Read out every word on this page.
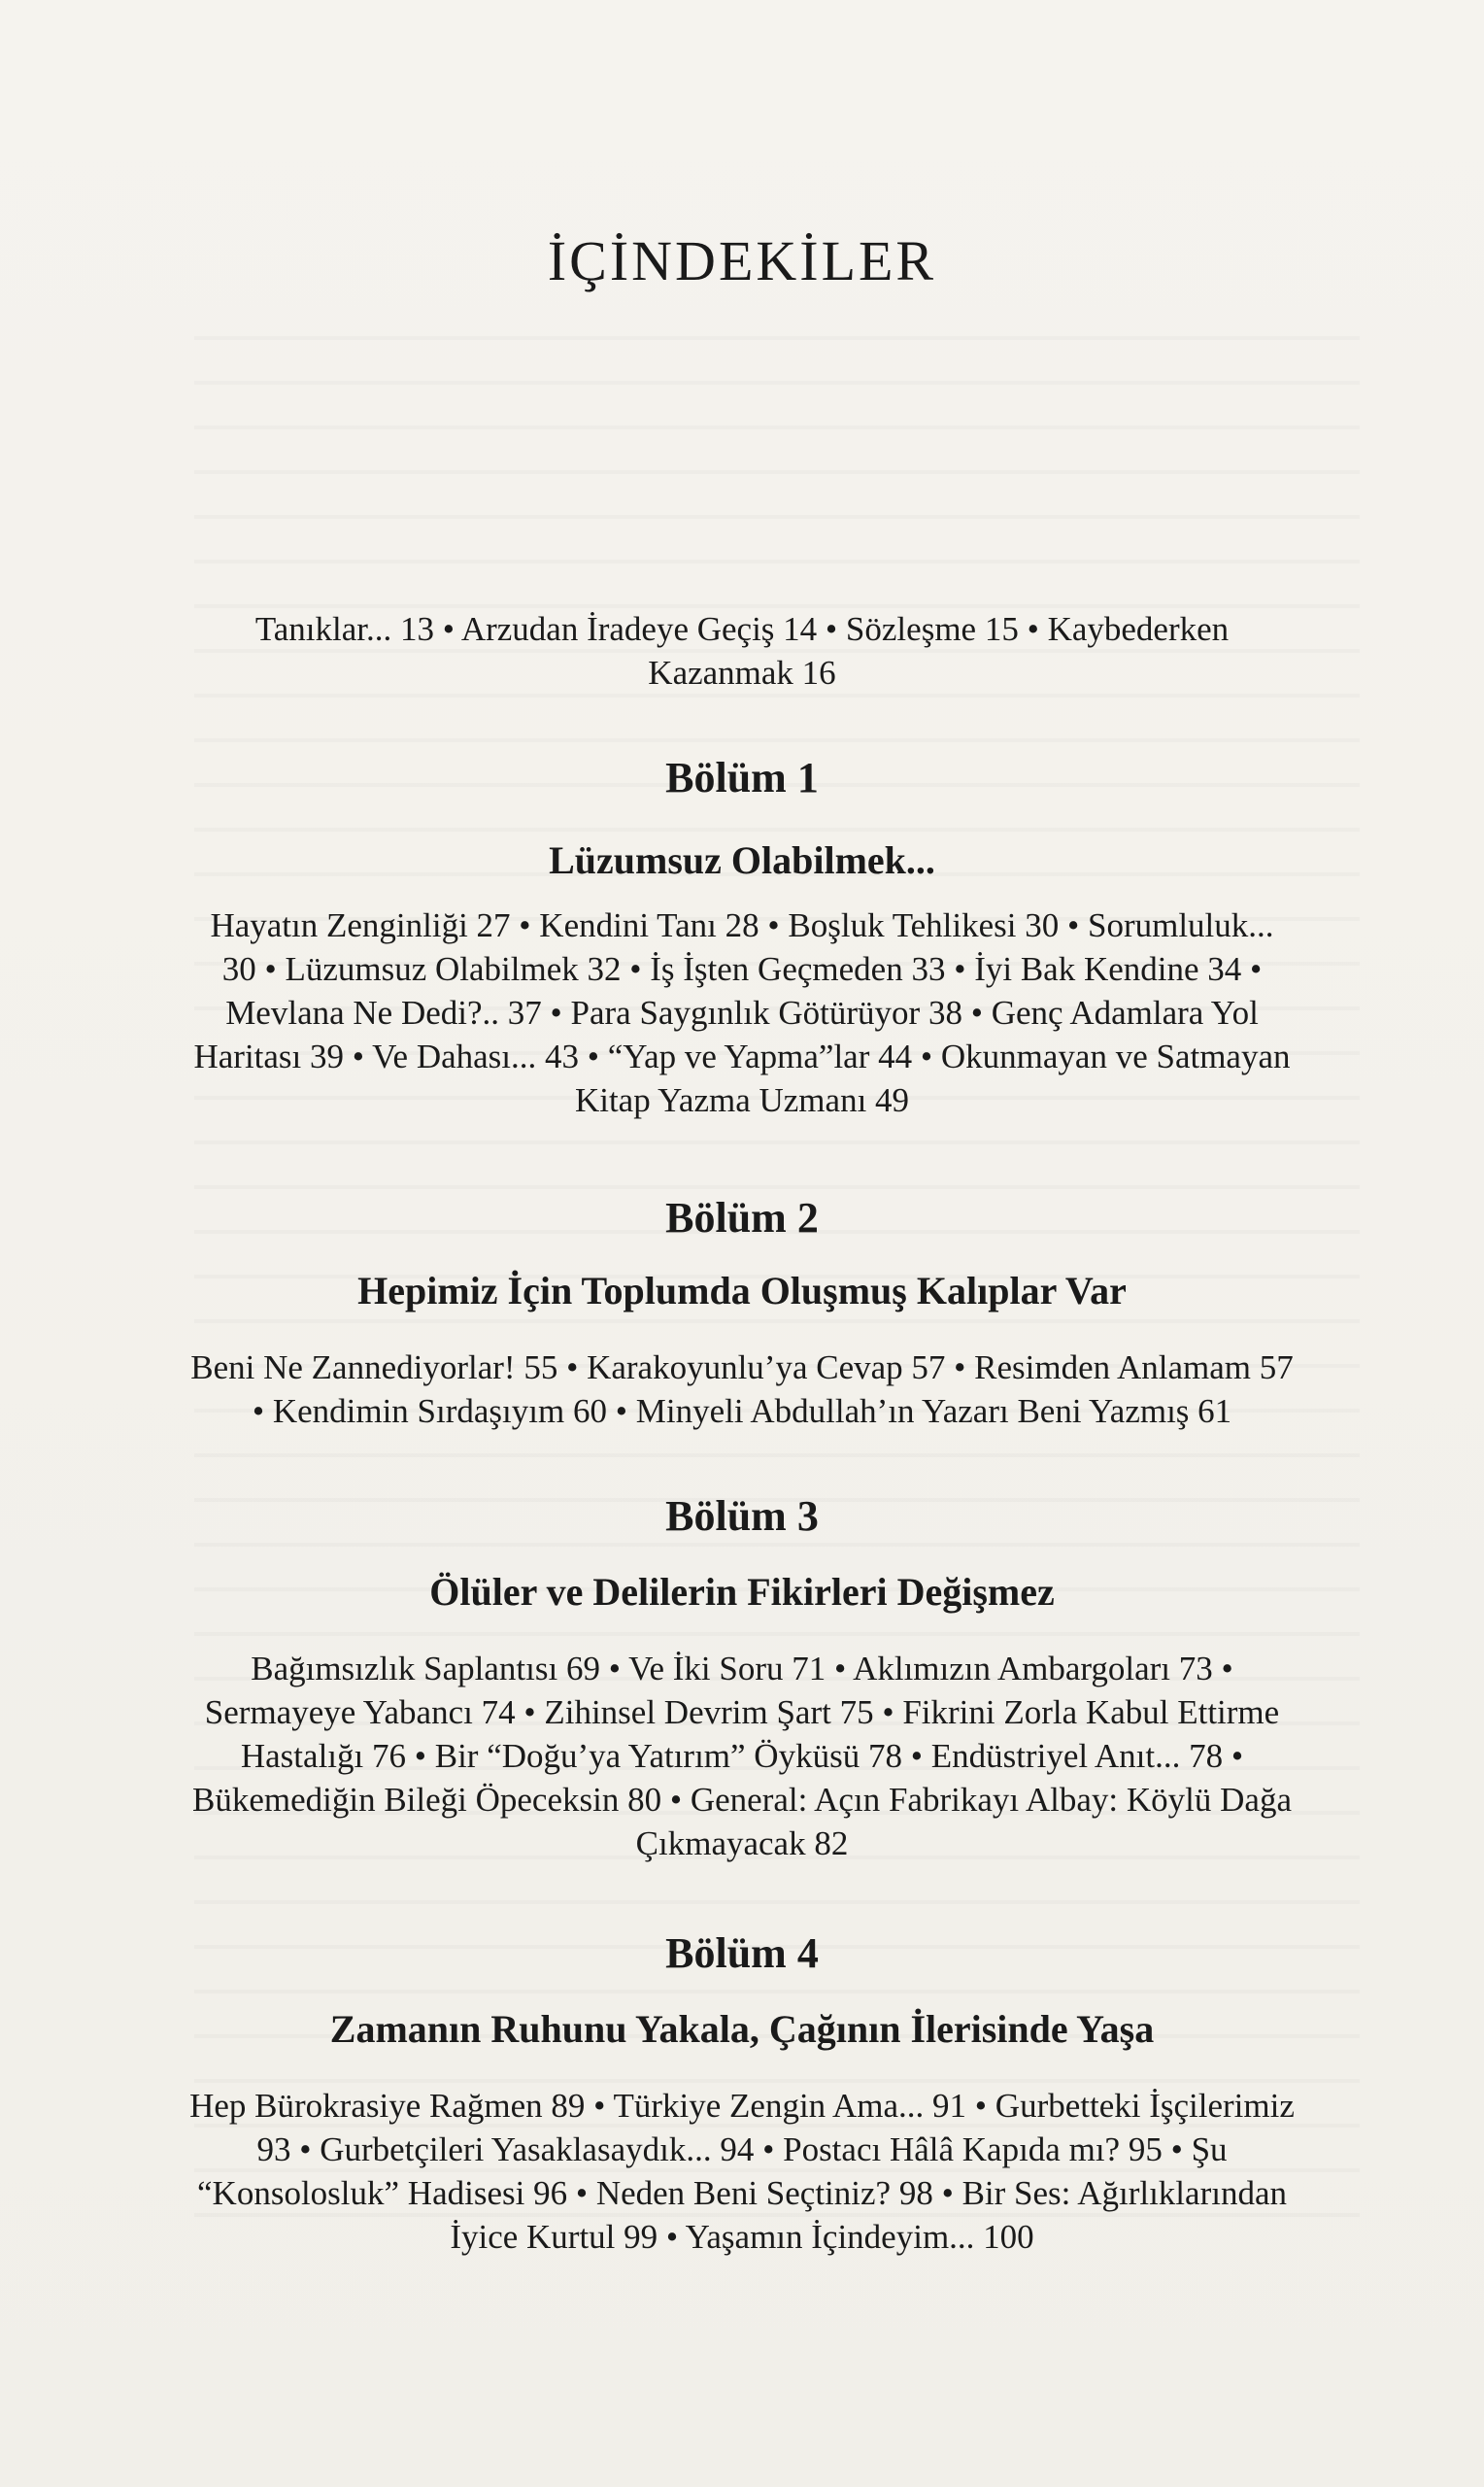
İÇİNDEKİLER
Tanıklar... 13 • Arzudan İradeye Geçiş 14 • Sözleşme 15 • Kaybederken
Kazanmak 16
Bölüm 1
Lüzumsuz Olabilmek...
Hayatın Zenginliği 27 • Kendini Tanı 28 • Boşluk Tehlikesi 30 • Sorumluluk...
30 • Lüzumsuz Olabilmek 32 • İş İşten Geçmeden 33 • İyi Bak Kendine 34 •
Mevlana Ne Dedi?.. 37 • Para Saygınlık Götürüyor 38 • Genç Adamlara Yol
Haritası 39 • Ve Dahası... 43 • “Yap ve Yapma”lar 44 • Okunmayan ve Satmayan
Kitap Yazma Uzmanı 49
Bölüm 2
Hepimiz İçin Toplumda Oluşmuş Kalıplar Var
Beni Ne Zannediyorlar! 55 • Karakoyunlu’ya Cevap 57 • Resimden Anlamam 57
• Kendimin Sırdaşıyım 60 • Minyeli Abdullah’ın Yazarı Beni Yazmış 61
Bölüm 3
Ölüler ve Delilerin Fikirleri Değişmez
Bağımsızlık Saplantısı 69 • Ve İki Soru 71 • Aklımızın Ambargoları 73 •
Sermayeye Yabancı 74 • Zihinsel Devrim Şart 75 • Fikrini Zorla Kabul Ettirme
Hastalığı 76 • Bir “Doğu’ya Yatırım” Öyküsü 78 • Endüstriyel Anıt... 78 •
Bükemediğin Bileği Öpeceksin 80 • General: Açın Fabrikayı Albay: Köylü Dağa
Çıkmayacak 82
Bölüm 4
Zamanın Ruhunu Yakala, Çağının İlerisinde Yaşa
Hep Bürokrasiye Rağmen 89 • Türkiye Zengin Ama... 91 • Gurbetteki İşçilerimiz
93 • Gurbetçileri Yasaklasaydık... 94 • Postacı Hâlâ Kapıda mı? 95 • Şu
“Konsolosluk” Hadisesi 96 • Neden Beni Seçtiniz? 98 • Bir Ses: Ağırlıklarından
İyice Kurtul 99 • Yaşamın İçindeyim... 100
